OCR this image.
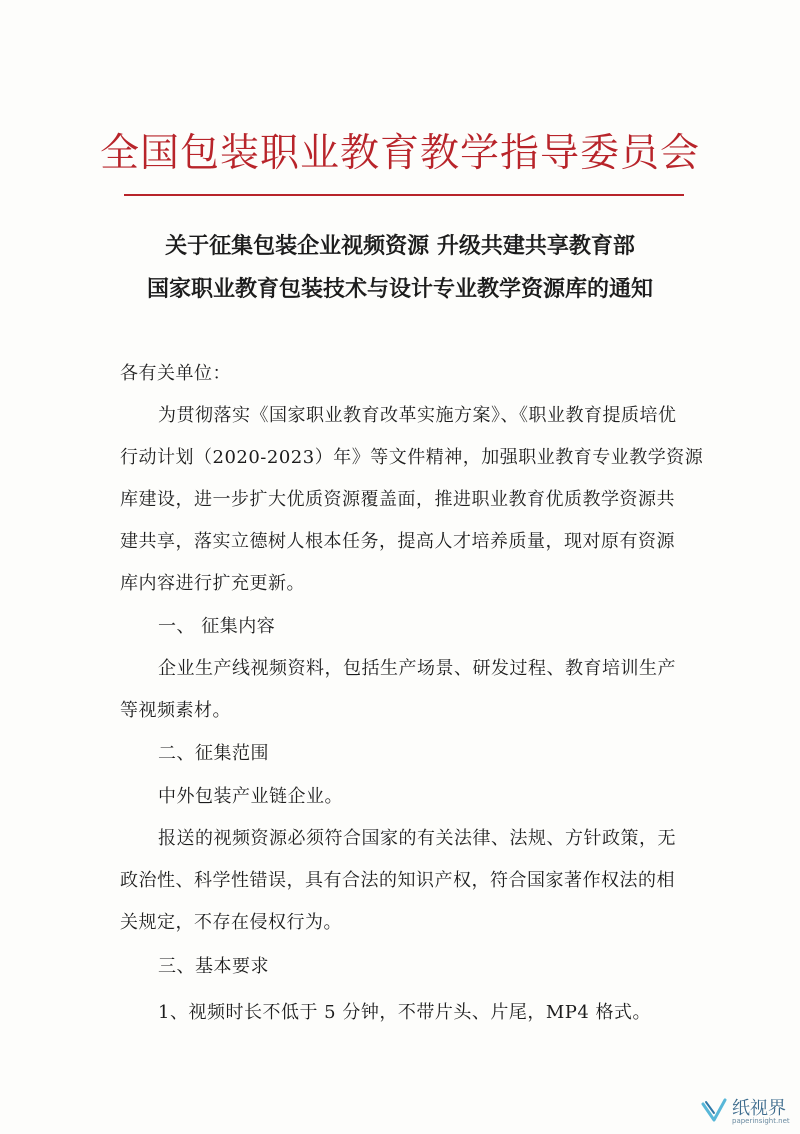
全国包装职业教育教学指导委员会
关于征集包装企业视频资源 升级共建共享教育部
国家职业教育包装技术与设计专业教学资源库的通知
各有关单位：
为贯彻落实《国家职业教育改革实施方案》、《职业教育提质培优
行动计划（2020-2023）年》等文件精神，加强职业教育专业教学资源
库建设，进一步扩大优质资源覆盖面，推进职业教育优质教学资源共
建共享，落实立德树人根本任务，提高人才培养质量，现对原有资源
库内容进行扩充更新。
一、 征集内容
企业生产线视频资料，包括生产场景、研发过程、教育培训生产
等视频素材。
二、征集范围
中外包装产业链企业。
报送的视频资源必须符合国家的有关法律、法规、方针政策，无
政治性、科学性错误，具有合法的知识产权，符合国家著作权法的相
关规定，不存在侵权行为。
三、基本要求
1、视频时长不低于 5 分钟，不带片头、片尾，MP4 格式。
纸视界
paperinsight.net
